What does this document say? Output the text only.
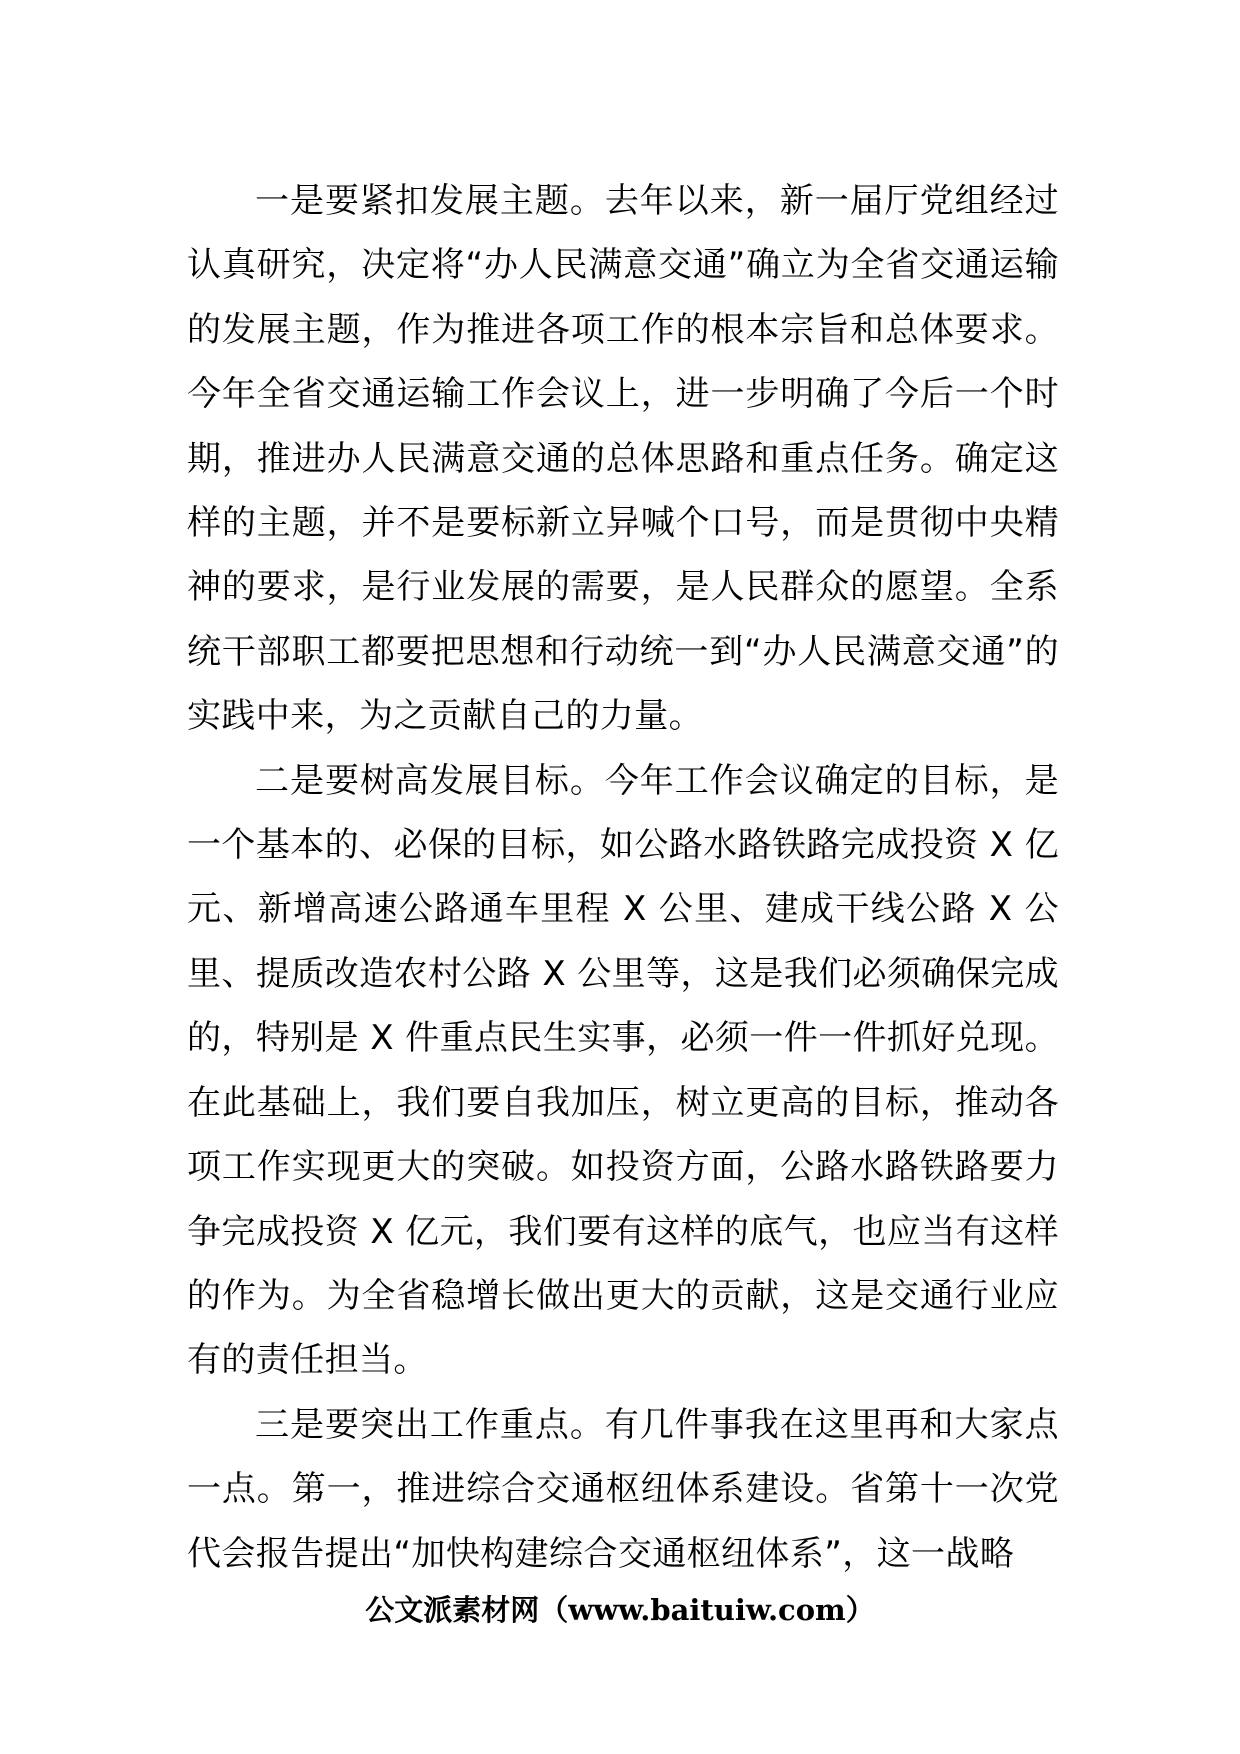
一是要紧扣发展主题。去年以来，新一届厅党组经过认真研究，决定将“办人民满意交通”确立为全省交通运输的发展主题，作为推进各项工作的根本宗旨和总体要求。今年全省交通运输工作会议上，进一步明确了今后一个时期，推进办人民满意交通的总体思路和重点任务。确定这样的主题，并不是要标新立异喊个口号，而是贯彻中央精神的要求，是行业发展的需要，是人民群众的愿望。全系统干部职工都要把思想和行动统一到“办人民满意交通”的实践中来，为之贡献自己的力量。

二是要树高发展目标。今年工作会议确定的目标，是一个基本的、必保的目标，如公路水路铁路完成投资 X 亿元、新增高速公路通车里程 X 公里、建成干线公路 X 公里、提质改造农村公路 X 公里等，这是我们必须确保完成的，特别是 X 件重点民生实事，必须一件一件抓好兑现。在此基础上，我们要自我加压，树立更高的目标，推动各项工作实现更大的突破。如投资方面，公路水路铁路要力争完成投资 X 亿元，我们要有这样的底气，也应当有这样的作为。为全省稳增长做出更大的贡献，这是交通行业应有的责任担当。

三是要突出工作重点。有几件事我在这里再和大家点一点。第一，推进综合交通枢纽体系建设。省第十一次党代会报告提出“加快构建综合交通枢纽体系”，这一战略

公文派素材网（www.baituiw.com）
